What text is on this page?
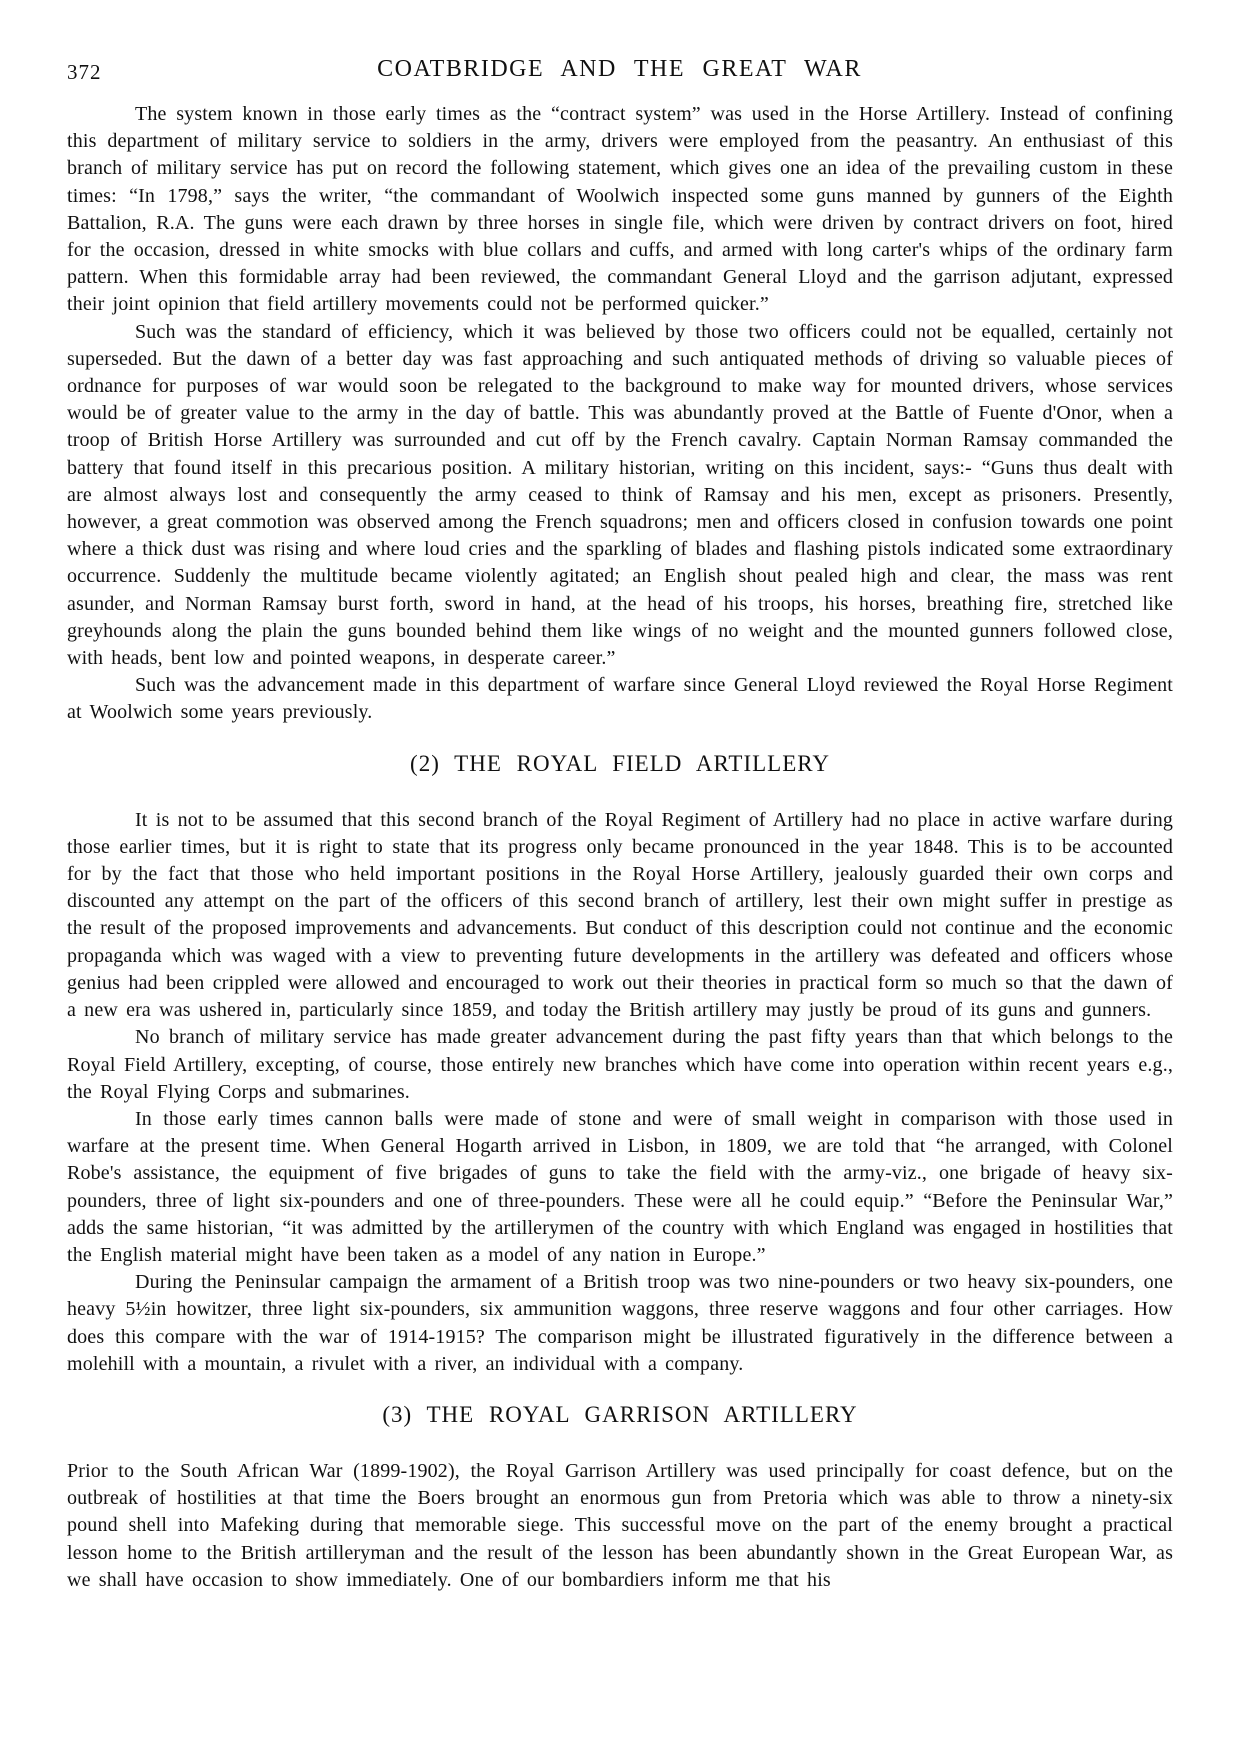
372	COATBRIDGE AND THE GREAT WAR

The system known in those early times as the “contract system” was used in the Horse Artillery. Instead of confining this department of military service to soldiers in the army, drivers were employed from the peasantry. An enthusiast of this branch of military service has put on record the following statement, which gives one an idea of the prevailing custom in these times: “In 1798,” says the writer, “the commandant of Woolwich inspected some guns manned by gunners of the Eighth Battalion, R.A. The guns were each drawn by three horses in single file, which were driven by contract drivers on foot, hired for the occasion, dressed in white smocks with blue collars and cuffs, and armed with long carter's whips of the ordinary farm pattern. When this formidable array had been reviewed, the commandant General Lloyd and the garrison adjutant, expressed their joint opinion that field artillery movements could not be performed quicker.”

Such was the standard of efficiency, which it was believed by those two officers could not be equalled, certainly not superseded. But the dawn of a better day was fast approaching and such antiquated methods of driving so valuable pieces of ordnance for purposes of war would soon be relegated to the background to make way for mounted drivers, whose services would be of greater value to the army in the day of battle. This was abundantly proved at the Battle of Fuente d'Onor, when a troop of British Horse Artillery was surrounded and cut off by the French cavalry. Captain Norman Ramsay commanded the battery that found itself in this precarious position. A military historian, writing on this incident, says:- “Guns thus dealt with are almost always lost and consequently the army ceased to think of Ramsay and his men, except as prisoners. Presently, however, a great commotion was observed among the French squadrons; men and officers closed in confusion towards one point where a thick dust was rising and where loud cries and the sparkling of blades and flashing pistols indicated some extraordinary occurrence. Suddenly the multitude became violently agitated; an English shout pealed high and clear, the mass was rent asunder, and Norman Ramsay burst forth, sword in hand, at the head of his troops, his horses, breathing fire, stretched like greyhounds along the plain the guns bounded behind them like wings of no weight and the mounted gunners followed close, with heads, bent low and pointed weapons, in desperate career.”

Such was the advancement made in this department of warfare since General Lloyd reviewed the Royal Horse Regiment at Woolwich some years previously.

(2) THE ROYAL FIELD ARTILLERY

It is not to be assumed that this second branch of the Royal Regiment of Artillery had no place in active warfare during those earlier times, but it is right to state that its progress only became pronounced in the year 1848. This is to be accounted for by the fact that those who held important positions in the Royal Horse Artillery, jealously guarded their own corps and discounted any attempt on the part of the officers of this second branch of artillery, lest their own might suffer in prestige as the result of the proposed improvements and advancements. But conduct of this description could not continue and the economic propaganda which was waged with a view to preventing future developments in the artillery was defeated and officers whose genius had been crippled were allowed and encouraged to work out their theories in practical form so much so that the dawn of a new era was ushered in, particularly since 1859, and today the British artillery may justly be proud of its guns and gunners.

No branch of military service has made greater advancement during the past fifty years than that which belongs to the Royal Field Artillery, excepting, of course, those entirely new branches which have come into operation within recent years e.g., the Royal Flying Corps and submarines.

In those early times cannon balls were made of stone and were of small weight in comparison with those used in warfare at the present time. When General Hogarth arrived in Lisbon, in 1809, we are told that “he arranged, with Colonel Robe's assistance, the equipment of five brigades of guns to take the field with the army-viz., one brigade of heavy six-pounders, three of light six-pounders and one of three-pounders. These were all he could equip.” “Before the Peninsular War,” adds the same historian, “it was admitted by the artillerymen of the country with which England was engaged in hostilities that the English material might have been taken as a model of any nation in Europe.”

During the Peninsular campaign the armament of a British troop was two nine-pounders or two heavy six-pounders, one heavy 5½in howitzer, three light six-pounders, six ammunition waggons, three reserve waggons and four other carriages. How does this compare with the war of 1914-1915? The comparison might be illustrated figuratively in the difference between a molehill with a mountain, a rivulet with a river, an individual with a company.

(3) THE ROYAL GARRISON ARTILLERY

Prior to the South African War (1899-1902), the Royal Garrison Artillery was used principally for coast defence, but on the outbreak of hostilities at that time the Boers brought an enormous gun from Pretoria which was able to throw a ninety-six pound shell into Mafeking during that memorable siege. This successful move on the part of the enemy brought a practical lesson home to the British artilleryman and the result of the lesson has been abundantly shown in the Great European War, as we shall have occasion to show immediately. One of our bombardiers inform me that his
